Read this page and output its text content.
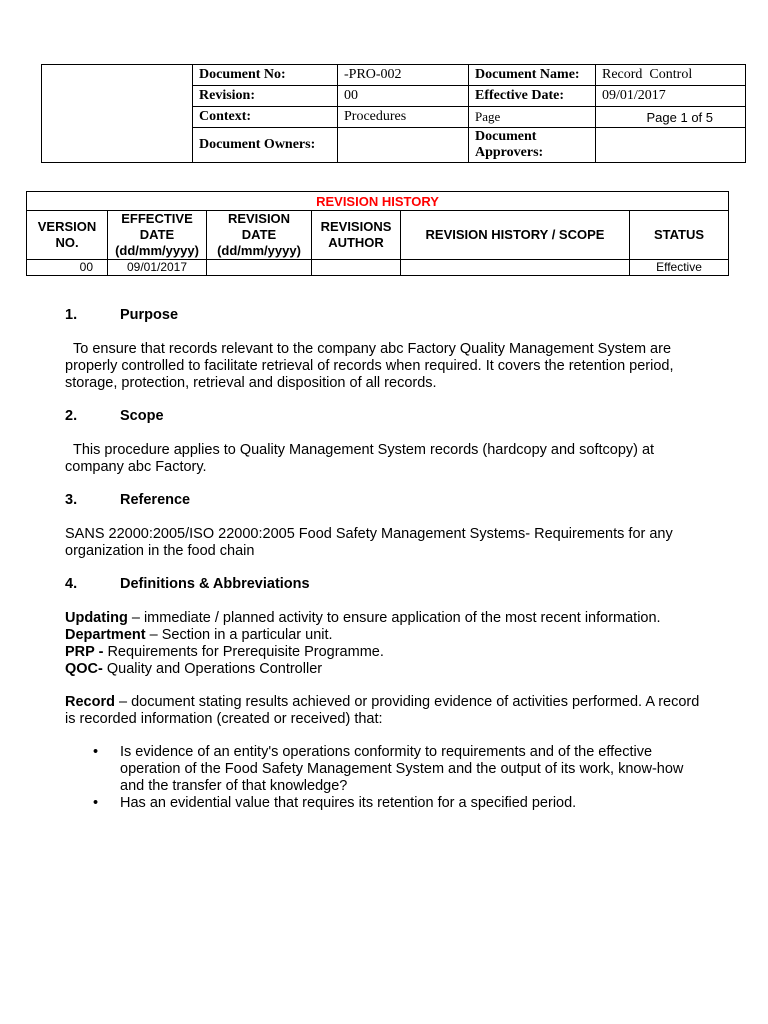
	Document No:	-PRO-002	Document Name:	Record  Control
	Revision:	00	Effective Date:	09/01/2017
	Context:	Procedures	Page	Page 1 of 5
	Document Owners:		Document Approvers:	
REVISION HISTORY					
VERSION NO.	EFFECTIVE DATE (dd/mm/yyyy)	REVISION DATE (dd/mm/yyyy)	REVISIONS AUTHOR	REVISION HISTORY / SCOPE	STATUS
00	09/01/2017				Effective

1.	Purpose

To ensure that records relevant to the company abc Factory Quality Management System are properly controlled to facilitate retrieval of records when required. It covers the retention period, storage, protection, retrieval and disposition of all records.

2.	Scope

This procedure applies to Quality Management System records (hardcopy and softcopy) at company abc Factory.

3.	Reference

SANS 22000:2005/ISO 22000:2005 Food Safety Management Systems- Requirements for any organization in the food chain

4.	Definitions & Abbreviations

Updating – immediate / planned activity to ensure application of the most recent information.

Department – Section in a particular unit.

PRP - Requirements for Prerequisite Programme.

QOC- Quality and Operations Controller

Record – document stating results achieved or providing evidence of activities performed. A record is recorded information (created or received) that:

• Is evidence of an entity's operations conformity to requirements and of the effective operation of the Food Safety Management System and the output of its work, know-how and the transfer of that knowledge?
• Has an evidential value that requires its retention for a specified period.
